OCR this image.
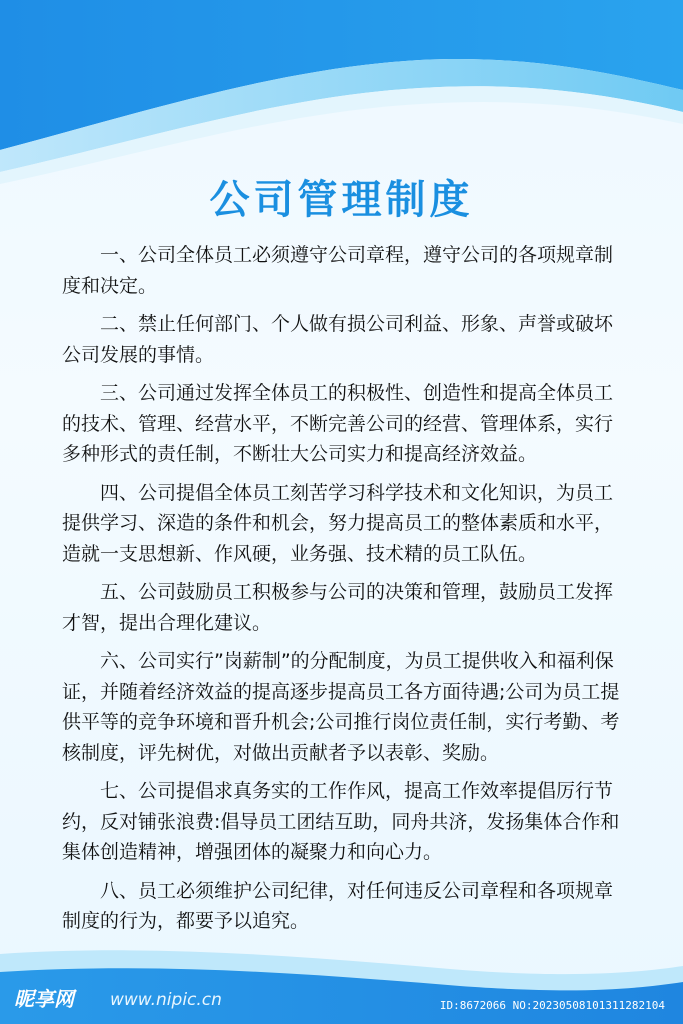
公司管理制度

一、公司全体员工必须遵守公司章程，遵守公司的各项规章制度和决定。

二、禁止任何部门、个人做有损公司利益、形象、声誉或破坏公司发展的事情。

三、公司通过发挥全体员工的积极性、创造性和提高全体员工的技术、管理、经营水平，不断完善公司的经营、管理体系，实行多种形式的责任制，不断壮大公司实力和提高经济效益。

四、公司提倡全体员工刻苦学习科学技术和文化知识，为员工提供学习、深造的条件和机会，努力提高员工的整体素质和水平，造就一支思想新、作风硬，业务强、技术精的员工队伍。

五、公司鼓励员工积极参与公司的决策和管理，鼓励员工发挥才智，提出合理化建议。

六、公司实行”岗薪制”的分配制度，为员工提供收入和福利保证，并随着经济效益的提高逐步提高员工各方面待遇;公司为员工提供平等的竞争环境和晋升机会;公司推行岗位责任制，实行考勤、考核制度，评先树优，对做出贡献者予以表彰、奖励。

七、公司提倡求真务实的工作作风，提高工作效率提倡厉行节约，反对铺张浪费:倡导员工团结互助，同舟共济，发扬集体合作和集体创造精神，增强团体的凝聚力和向心力。

八、员工必须维护公司纪律，对任何违反公司章程和各项规章制度的行为，都要予以追究。

昵享网 www.nipic.cn	ID:8672066 NO:20230508101311282104
